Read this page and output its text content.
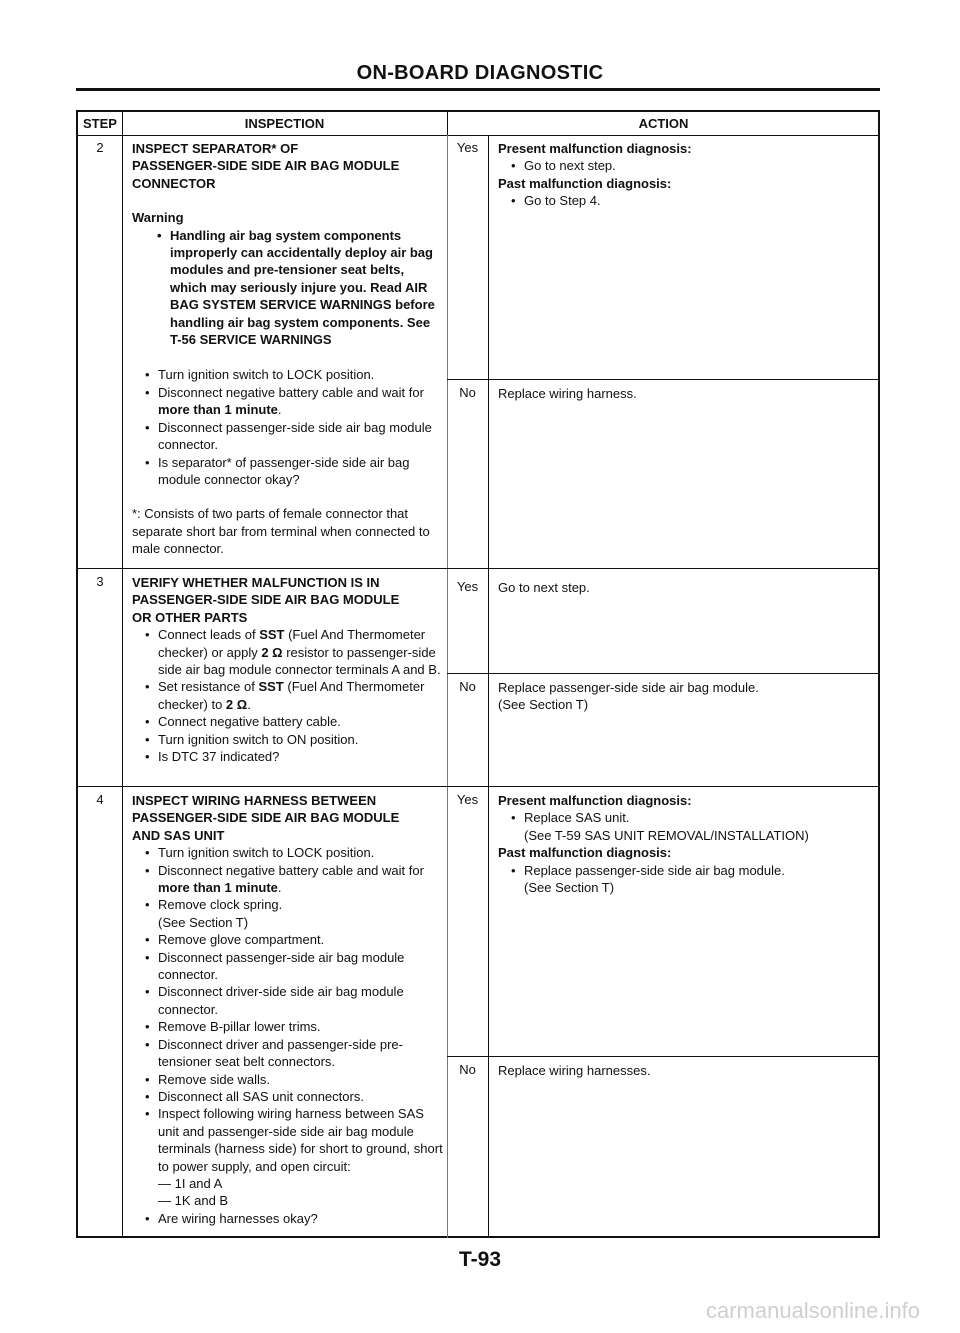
ON-BOARD DIAGNOSTIC
STEP	INSPECTION	ACTION
2	INSPECT SEPARATOR* OF
PASSENGER-SIDE SIDE AIR BAG MODULE
CONNECTOR
Warning
• Handling air bag system components improperly can accidentally deploy air bag modules and pre-tensioner seat belts, which may seriously injure you. Read AIR BAG SYSTEM SERVICE WARNINGS before handling air bag system components. See T-56 SERVICE WARNINGS
• Turn ignition switch to LOCK position.
• Disconnect negative battery cable and wait for more than 1 minute.
• Disconnect passenger-side side air bag module connector.
• Is separator* of passenger-side side air bag module connector okay?
*: Consists of two parts of female connector that separate short bar from terminal when connected to male connector.
Yes	Present malfunction diagnosis:
• Go to next step.
Past malfunction diagnosis:
• Go to Step 4.
No	Replace wiring harness.
3	VERIFY WHETHER MALFUNCTION IS IN
PASSENGER-SIDE SIDE AIR BAG MODULE
OR OTHER PARTS
• Connect leads of SST (Fuel And Thermometer checker) or apply 2 Ω resistor to passenger-side side air bag module connector terminals A and B.
• Set resistance of SST (Fuel And Thermometer checker) to 2 Ω.
• Connect negative battery cable.
• Turn ignition switch to ON position.
• Is DTC 37 indicated?
Yes	Go to next step.
No	Replace passenger-side side air bag module.
(See Section T)
4	INSPECT WIRING HARNESS BETWEEN
PASSENGER-SIDE SIDE AIR BAG MODULE
AND SAS UNIT
• Turn ignition switch to LOCK position.
• Disconnect negative battery cable and wait for more than 1 minute.
• Remove clock spring.
(See Section T)
• Remove glove compartment.
• Disconnect passenger-side air bag module connector.
• Disconnect driver-side side air bag module connector.
• Remove B-pillar lower trims.
• Disconnect driver and passenger-side pre-tensioner seat belt connectors.
• Remove side walls.
• Disconnect all SAS unit connectors.
• Inspect following wiring harness between SAS unit and passenger-side side air bag module terminals (harness side) for short to ground, short to power supply, and open circuit:
— 1I and A
— 1K and B
• Are wiring harnesses okay?
Yes	Present malfunction diagnosis:
• Replace SAS unit.
(See T-59 SAS UNIT REMOVAL/INSTALLATION)
Past malfunction diagnosis:
• Replace passenger-side side air bag module.
(See Section T)
No	Replace wiring harnesses.
T-93
carmanualsonline.info
